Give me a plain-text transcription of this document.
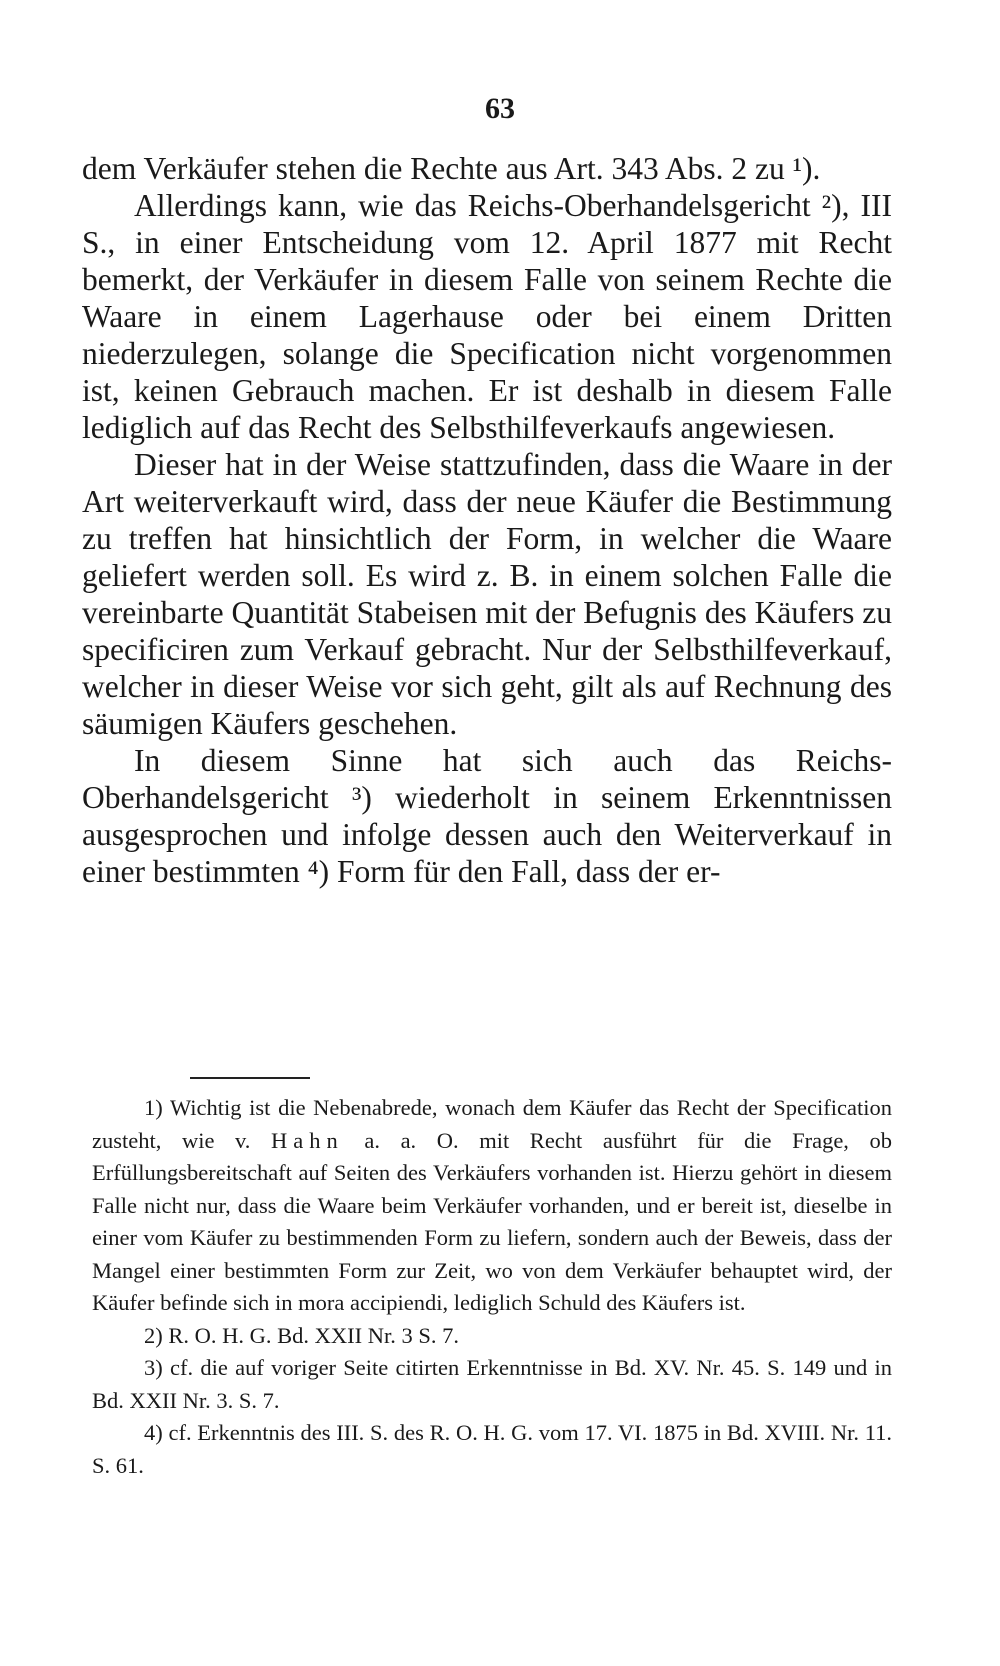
63

dem Verkäufer stehen die Rechte aus Art. 343 Abs. 2 zu ¹).

Allerdings kann, wie das Reichs-Oberhandelsgericht ²), III S., in einer Entscheidung vom 12. April 1877 mit Recht bemerkt, der Verkäufer in diesem Falle von seinem Rechte die Waare in einem Lagerhause oder bei einem Dritten niederzulegen, solange die Specification nicht vorgenommen ist, keinen Gebrauch machen. Er ist deshalb in diesem Falle lediglich auf das Recht des Selbsthilfeverkaufs angewiesen.

Dieser hat in der Weise stattzufinden, dass die Waare in der Art weiterverkauft wird, dass der neue Käufer die Bestimmung zu treffen hat hinsichtlich der Form, in welcher die Waare geliefert werden soll. Es wird z. B. in einem solchen Falle die vereinbarte Quantität Stabeisen mit der Befugnis des Käufers zu specificiren zum Verkauf gebracht. Nur der Selbsthilfeverkauf, welcher in dieser Weise vor sich geht, gilt als auf Rechnung des säumigen Käufers geschehen.

In diesem Sinne hat sich auch das Reichs-Oberhandelsgericht ³) wiederholt in seinem Erkenntnissen ausgesprochen und infolge dessen auch den Weiterverkauf in einer bestimmten ⁴) Form für den Fall, dass der er-

1) Wichtig ist die Nebenabrede, wonach dem Käufer das Recht der Specification zusteht, wie v. Hahn a. a. O. mit Recht ausführt für die Frage, ob Erfüllungsbereitschaft auf Seiten des Verkäufers vorhanden ist. Hierzu gehört in diesem Falle nicht nur, dass die Waare beim Verkäufer vorhanden, und er bereit ist, dieselbe in einer vom Käufer zu bestimmenden Form zu liefern, sondern auch der Beweis, dass der Mangel einer bestimmten Form zur Zeit, wo von dem Verkäufer behauptet wird, der Käufer befinde sich in mora accipiendi, lediglich Schuld des Käufers ist.

2) R. O. H. G. Bd. XXII Nr. 3 S. 7.

3) cf. die auf voriger Seite citirten Erkenntnisse in Bd. XV. Nr. 45. S. 149 und in Bd. XXII Nr. 3. S. 7.

4) cf. Erkenntnis des III. S. des R. O. H. G. vom 17. VI. 1875 in Bd. XVIII. Nr. 11. S. 61.
